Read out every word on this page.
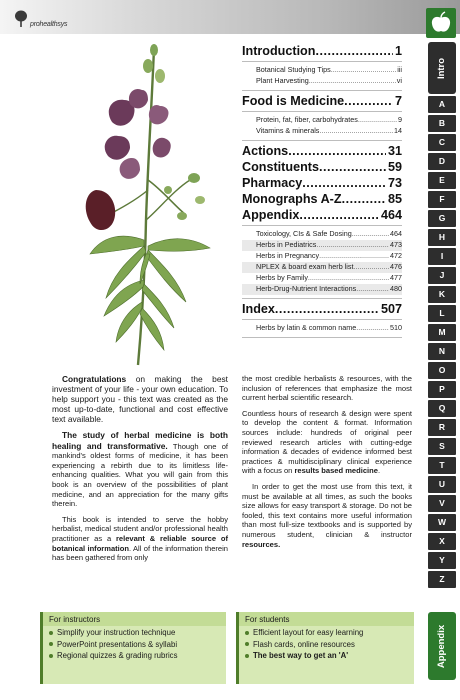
prohealthsys
Introduction .....	1
Botanical Studying Tips .....	iii
Plant Harvesting .....	vi
Food is Medicine .....	7
Protein, fat, fiber, carbohydrates .....	9
Vitamins & minerals .....	14
Actions .....	31
Constituents .....	59
Pharmacy .....	73
Monographs A-Z .....	85
Appendix .....	464
Toxicology, CIs & Safe Dosing .....	464
Herbs in Pediatrics .....	473
Herbs in Pregnancy .....	472
NPLEX & board exam herb list .....	476
Herbs by Family .....	477
Herb-Drug-Nutrient Interactions .....	480
Index .....	507
Herbs by latin & common name .....	510
Intro
A
B
C
D
E
F
G
H
I
J
K
L
M
N
O
P
Q
R
S
T
U
V
W
X
Y
Z
Appendix

Congratulations on making the best investment of your life - your own education. To help support you - this text was created as the most up-to-date, functional and cost effective text available.

The study of herbal medicine is both healing and transformative. Though one of mankind's oldest forms of medicine, it has been experiencing a rebirth due to its limitless life-enhancing qualities. What you will gain from this book is an overview of the possibilities of plant medicine, and an appreciation for the many gifts therein.

This book is intended to serve the hobby herbalist, medical student and/or professional health practitioner as a relevant & reliable source of botanical information. All of the information therein has been gathered from only

the most credible herbalists & resources, with the inclusion of references that emphasize the most current herbal scientific research.

Countless hours of research & design were spent to develop the content & format. Information sources include: hundreds of original peer reviewed research articles with cutting-edge information & decades of evidence informed best practices & multidisciplinary clinical experience with a focus on results based medicine.

In order to get the most use from this text, it must be available at all times, as such the books size allows for easy transport & storage. Do not be fooled, this text contains more useful information than most full-size textbooks and is supported by numerous student, clinician & instructor resources.

For instructors
Simplify your instruction technique
PowerPoint presentations & syllabi
Regional quizzes & grading rubrics
For students
Efficient layout for easy learning
Flash cards, online resources
The best way to get an 'A'
